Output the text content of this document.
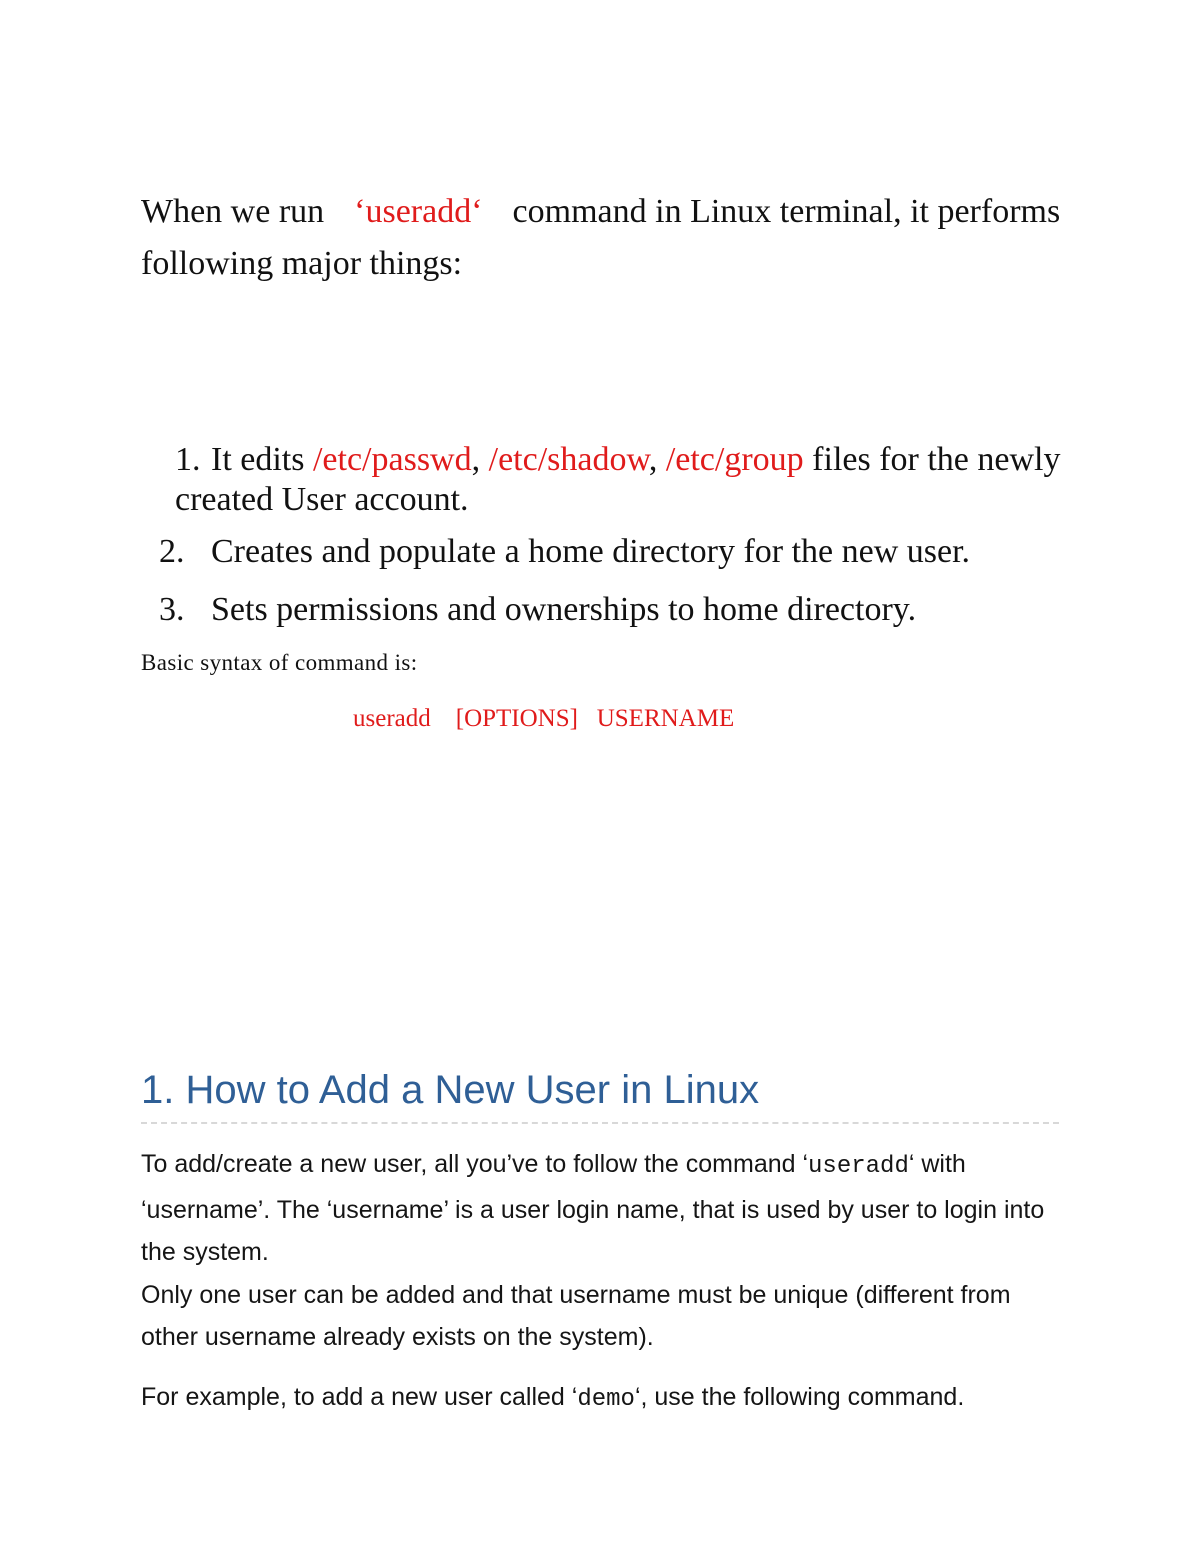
When we run ‘useradd‘ command in Linux terminal, it performs following major things:

1. It edits /etc/passwd, /etc/shadow, /etc/group files for the newly created User account.
2. Creates and populate a home directory for the new user.
3. Sets permissions and ownerships to home directory.
Basic syntax of command is:
useradd    [OPTIONS]   USERNAME
1. How to Add a New User in Linux

To add/create a new user, all you’ve to follow the command ‘useradd‘ with ‘username’. The ‘username’ is a user login name, that is used by user to login into the system.
Only one user can be added and that username must be unique (different from other username already exists on the system).

For example, to add a new user called ‘demo‘, use the following command.
